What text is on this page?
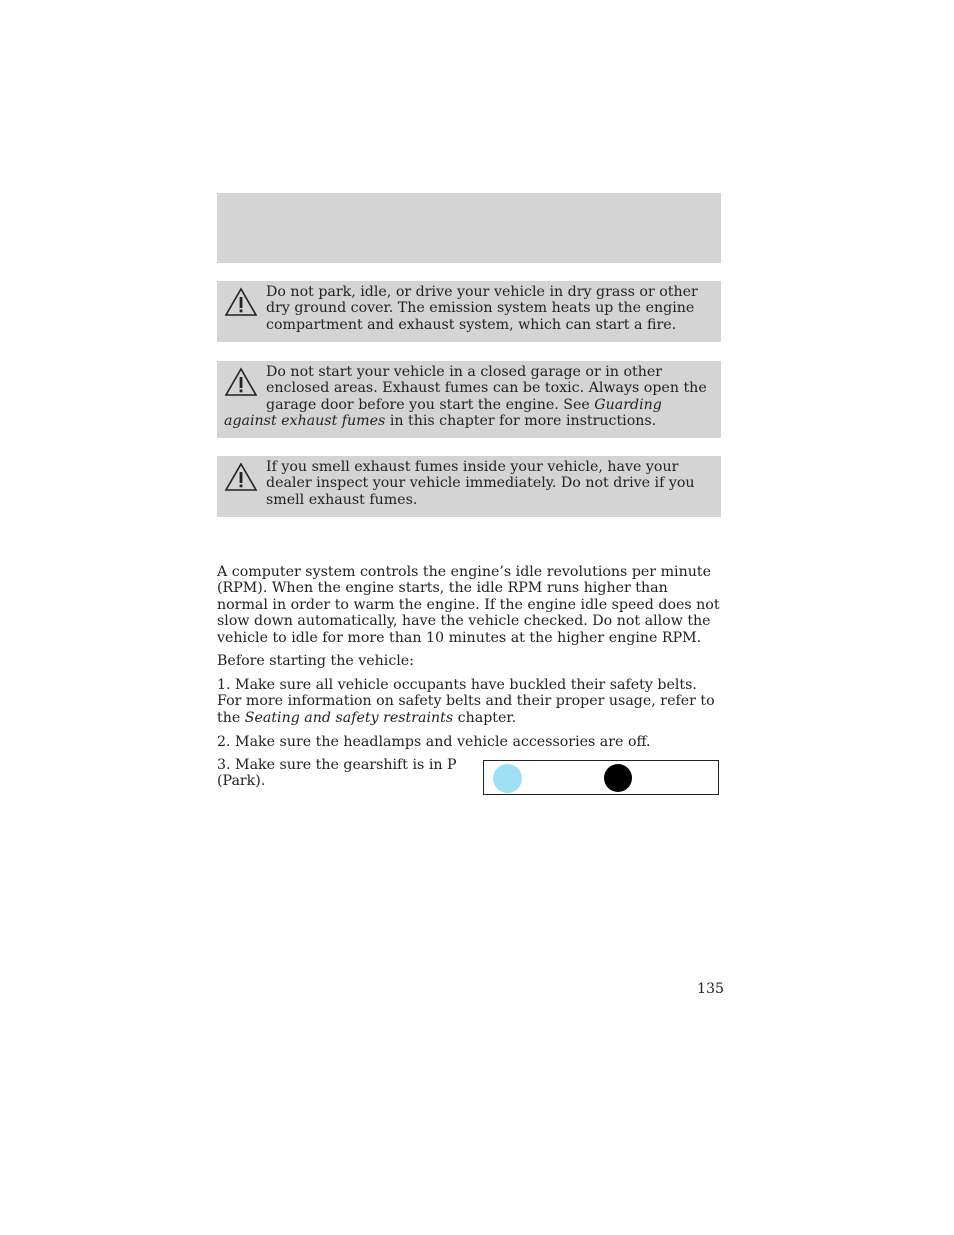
Do not park, idle, or drive your vehicle in dry grass or other dry ground cover. The emission system heats up the engine compartment and exhaust system, which can start a fire.
Do not start your vehicle in a closed garage or in other enclosed areas. Exhaust fumes can be toxic. Always open the garage door before you start the engine. See Guarding against exhaust fumes in this chapter for more instructions.
If you smell exhaust fumes inside your vehicle, have your dealer inspect your vehicle immediately. Do not drive if you smell exhaust fumes.

A computer system controls the engine’s idle revolutions per minute (RPM). When the engine starts, the idle RPM runs higher than normal in order to warm the engine. If the engine idle speed does not slow down automatically, have the vehicle checked. Do not allow the vehicle to idle for more than 10 minutes at the higher engine RPM.

Before starting the vehicle:

1. Make sure all vehicle occupants have buckled their safety belts. For more information on safety belts and their proper usage, refer to the Seating and safety restraints chapter.

2. Make sure the headlamps and vehicle accessories are off.

3. Make sure the gearshift is in P (Park).

135
